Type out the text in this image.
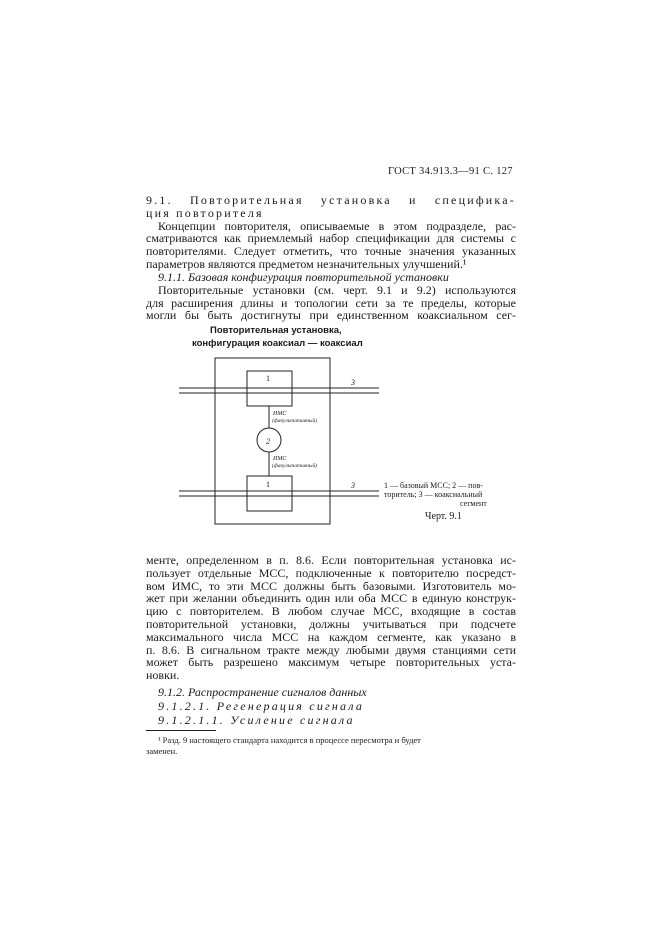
ГОСТ 34.913.3—91 С. 127
9.1. Повторительная установка и специфика-
ция повторителя
Концепции повторителя, описываемые в этом подразделе, рас-
сматриваются как приемлемый набор спецификации для системы с
повторителями. Следует отметить, что точные значения указанных
параметров являются предметом незначительных улучшений.¹
9.1.1. Базовая конфигурация повторительной установки
Повторительные установки (см. черт. 9.1 и 9.2) используются
для расширения длины и топологии сети за те пределы, которые
могли бы быть достигнуты при единственном коаксиальном сег-
Повторительная установка,
конфигурация коаксиал — коаксиал
1
1
2
3
3
ИМС
(факультативный)
ИМС
(факультативный)
1 — базовый МСС; 2 — пов-
торитель; 3 — коаксиальный
сегмент
Черт. 9.1
менте, определенном в п. 8.6. Если повторительная установка ис-
пользует отдельные МСС, подключенные к повторителю посредст-
вом ИМС, то эти МСС должны быть базовыми. Изготовитель мо-
жет при желании объединить один или оба МСС в единую конструк-
цию с повторителем. В любом случае МСС, входящие в состав
повторительной установки, должны учитываться при подсчете
максимального числа МСС на каждом сегменте, как указано в
п. 8.6. В сигнальном тракте между любыми двумя станциями сети
может быть разрешено максимум четыре повторительных уста-
новки.
9.1.2. Распространение сигналов данных
9.1.2.1. Регенерация сигнала
9.1.2.1.1. Усиление сигнала
¹ Разд. 9 настоящего стандарта находится в процессе пересмотра и будет
заменен.
